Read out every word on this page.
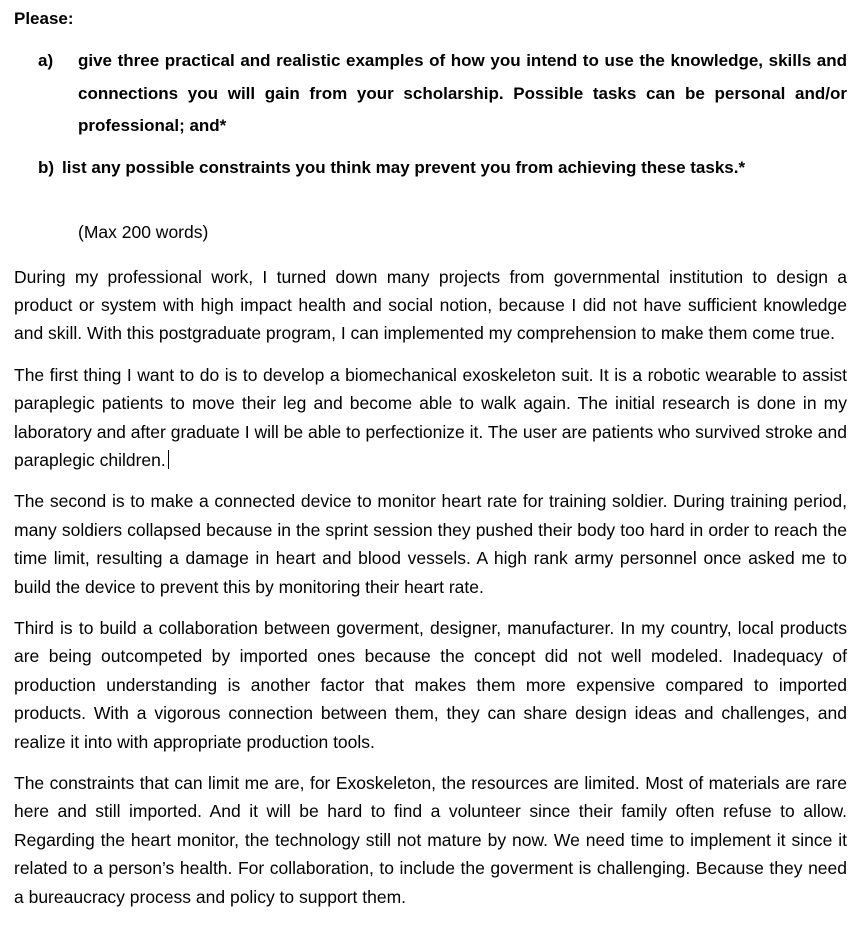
Please:

a)	give three practical and realistic examples of how you intend to use the knowledge, skills and connections you will gain from your scholarship. Possible tasks can be personal and/or professional; and*

b) list any possible constraints you think may prevent you from achieving these tasks.*

(Max 200 words)

During my professional work, I turned down many projects from governmental institution to design a product or system with high impact health and social notion, because I did not have sufficient knowledge and skill. With this postgraduate program, I can implemented my comprehension to make them come true.

The first thing I want to do is to develop a biomechanical exoskeleton suit. It is a robotic wearable to assist paraplegic patients to move their leg and become able to walk again. The initial research is done in my laboratory and after graduate I will be able to perfectionize it. The user are patients who survived stroke and paraplegic children.

The second is to make a connected device to monitor heart rate for training soldier. During training period, many soldiers collapsed because in the sprint session they pushed their body too hard in order to reach the time limit, resulting a damage in heart and blood vessels. A high rank army personnel once asked me to build the device to prevent this by monitoring their heart rate.

Third is to build a collaboration between goverment, designer, manufacturer. In my country, local products are being outcompeted by imported ones because the concept did not well modeled. Inadequacy of production understanding is another factor that makes them more expensive compared to imported products. With a vigorous connection between them, they can share design ideas and challenges, and realize it into with appropriate production tools.

The constraints that can limit me are, for Exoskeleton, the resources are limited. Most of materials are rare here and still imported. And it will be hard to find a volunteer since their family often refuse to allow. Regarding the heart monitor, the technology still not mature by now. We need time to implement it since it related to a person’s health. For collaboration, to include the goverment is challenging. Because they need a bureaucracy process and policy to support them.
